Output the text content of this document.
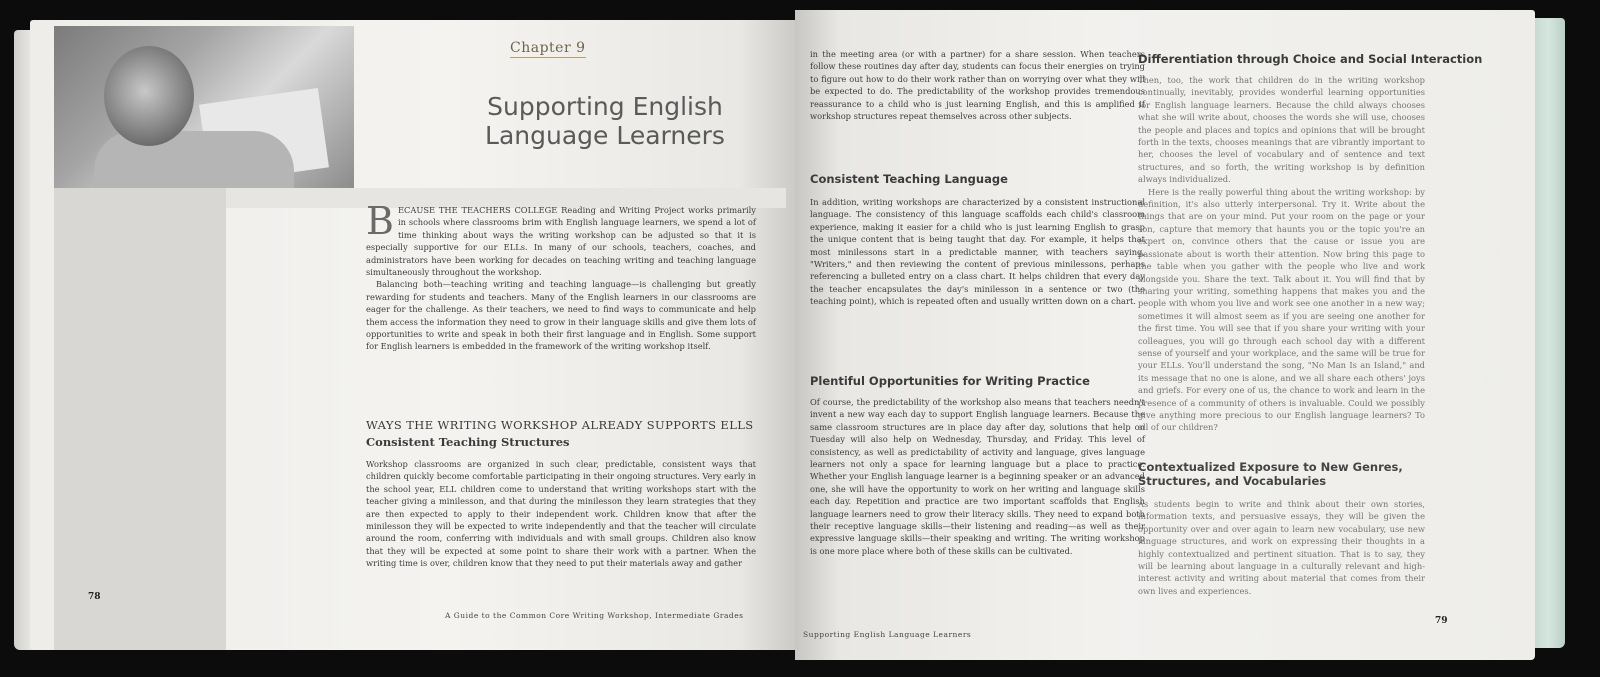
Chapter 9
Supporting English
Language Learners

BECAUSE THE TEACHERS COLLEGE Reading and Writing Project works primarily in schools where classrooms brim with English language learners, we spend a lot of time thinking about ways the writing workshop can be adjusted so that it is especially supportive for our ELLs. In many of our schools, teachers, coaches, and administrators have been working for decades on teaching writing and teaching language simultaneously throughout the workshop.

Balancing both—teaching writing and teaching language—is challenging but greatly rewarding for students and teachers. Many of the English learners in our classrooms are eager for the challenge. As their teachers, we need to find ways to communicate and help them access the information they need to grow in their language skills and give them lots of opportunities to write and speak in both their first language and in English. Some support for English learners is embedded in the framework of the writing workshop itself.

WAYS THE WRITING WORKSHOP ALREADY SUPPORTS ELLS
Consistent Teaching Structures

Workshop classrooms are organized in such clear, predictable, consistent ways that children quickly become comfortable participating in their ongoing structures. Very early in the school year, ELL children come to understand that writing workshops start with the teacher giving a minilesson, and that during the minilesson they learn strategies that they are then expected to apply to their independent work. Children know that after the minilesson they will be expected to write independently and that the teacher will circulate around the room, conferring with individuals and with small groups. Children also know that they will be expected at some point to share their work with a partner. When the writing time is over, children know that they need to put their materials away and gather

78
A Guide to the Common Core Writing Workshop, Intermediate Grades

in the meeting area (or with a partner) for a share session. When teachers follow these routines day after day, students can focus their energies on trying to figure out how to do their work rather than on worrying over what they will be expected to do. The predictability of the workshop provides tremendous reassurance to a child who is just learning English, and this is amplified if workshop structures repeat themselves across other subjects.

Consistent Teaching Language

In addition, writing workshops are characterized by a consistent instructional language. The consistency of this language scaffolds each child's classroom experience, making it easier for a child who is just learning English to grasp the unique content that is being taught that day. For example, it helps that most minilessons start in a predictable manner, with teachers saying, "Writers," and then reviewing the content of previous minilessons, perhaps referencing a bulleted entry on a class chart. It helps children that every day the teacher encapsulates the day's minilesson in a sentence or two (the teaching point), which is repeated often and usually written down on a chart.

Plentiful Opportunities for Writing Practice

Of course, the predictability of the workshop also means that teachers needn't invent a new way each day to support English language learners. Because the same classroom structures are in place day after day, solutions that help on Tuesday will also help on Wednesday, Thursday, and Friday. This level of consistency, as well as predictability of activity and language, gives language learners not only a space for learning language but a place to practice. Whether your English language learner is a beginning speaker or an advanced one, she will have the opportunity to work on her writing and language skills each day. Repetition and practice are two important scaffolds that English language learners need to grow their literacy skills. They need to expand both their receptive language skills—their listening and reading—as well as their expressive language skills—their speaking and writing. The writing workshop is one more place where both of these skills can be cultivated.

Differentiation through Choice and Social Interaction

Then, too, the work that children do in the writing workshop continually, inevitably, provides wonderful learning opportunities for English language learners. Because the child always chooses what she will write about, chooses the words she will use, chooses the people and places and topics and opinions that will be brought forth in the texts, chooses meanings that are vibrantly important to her, chooses the level of vocabulary and of sentence and text structures, and so forth, the writing workshop is by definition always individualized.

Here is the really powerful thing about the writing workshop: by definition, it's also utterly interpersonal. Try it. Write about the things that are on your mind. Put your room on the page or your son, capture that memory that haunts you or the topic you're an expert on, convince others that the cause or issue you are passionate about is worth their attention. Now bring this page to the table when you gather with the people who live and work alongside you. Share the text. Talk about it. You will find that by sharing your writing, something happens that makes you and the people with whom you live and work see one another in a new way; sometimes it will almost seem as if you are seeing one another for the first time. You will see that if you share your writing with your colleagues, you will go through each school day with a different sense of yourself and your workplace, and the same will be true for your ELLs. You'll understand the song, "No Man Is an Island," and its message that no one is alone, and we all share each others' joys and griefs. For every one of us, the chance to work and learn in the presence of a community of others is invaluable. Could we possibly give anything more precious to our English language learners? To all of our children?

Contextualized Exposure to New Genres,
Structures, and Vocabularies

As students begin to write and think about their own stories, information texts, and persuasive essays, they will be given the opportunity over and over again to learn new vocabulary, use new language structures, and work on expressing their thoughts in a highly contextualized and pertinent situation. That is to say, they will be learning about language in a culturally relevant and high-interest activity and writing about material that comes from their own lives and experiences.

79
Supporting English Language Learners
